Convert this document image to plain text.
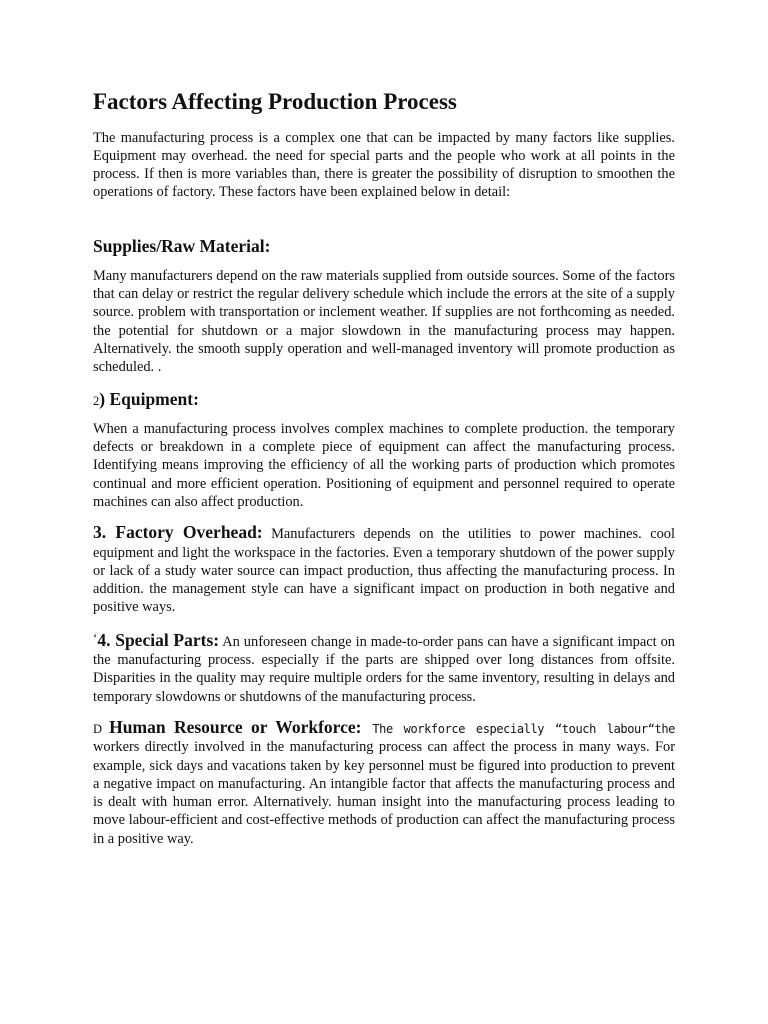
Factors Affecting Production Process

The manufacturing process is a complex one that can be impacted by many factors like supplies. Equipment may overhead. the need for special parts and the people who work at all points in the process. If then is more variables than, there is greater the possibility of disruption to smoothen the operations of factory. These factors have been explained below in detail:

Supplies/Raw Material:

Many manufacturers depend on the raw materials supplied from outside sources. Some of the factors that can delay or restrict the regular delivery schedule which include the errors at the site of a supply source. problem with transportation or inclement weather. If supplies are not forthcoming as needed. the potential for shutdown or a major slowdown in the manufacturing process may happen. Alternatively. the smooth supply operation and well-managed inventory will promote production as scheduled. .

2) Equipment:

When a manufacturing process involves complex machines to complete production. the temporary defects or breakdown in a complete piece of equipment can affect the manufacturing process. Identifying means improving the efficiency of all the working parts of production which promotes continual and more efficient operation. Positioning of equipment and personnel required to operate machines can also affect production.

3. Factory Overhead: Manufacturers depends on the utilities to power machines. cool equipment and light the workspace in the factories. Even a temporary shutdown of the power supply or lack of a study water source can impact production, thus affecting the manufacturing process. In addition. the management style can have a significant impact on production in both negative and positive ways.

‘4. Special Parts: An unforeseen change in made-to-order pans can have a significant impact on the manufacturing process. especially if the parts are shipped over long distances from offsite. Disparities in the quality may require multiple orders for the same inventory, resulting in delays and temporary slowdowns or shutdowns of the manufacturing process.

D Human Resource or Workforce: The workforce especially “touch labour“the workers directly involved in the manufacturing process can affect the process in many ways. For example, sick days and vacations taken by key personnel must be figured into production to prevent a negative impact on manufacturing. An intangible factor that affects the manufacturing process and is dealt with human error. Alternatively. human insight into the manufacturing process leading to move labour-efficient and cost-effective methods of production can affect the manufacturing process in a positive way.
